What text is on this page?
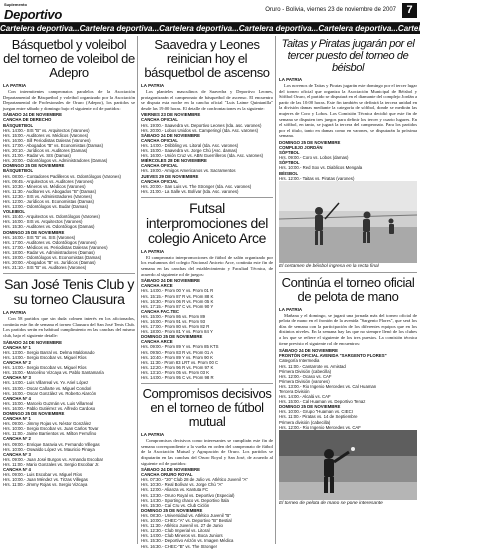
Suplemento
Deportivo	Oruro - Bolivia, viernes 23 de noviembre de 2007 7
Cartelera deportiva...Cartelera deportiva...Cartelera deportiva...Cartelera deportiva...Cartelera deportiva...Cartelera deportiva...
Básquetbol y voleibol del torneo de voleibol de Adepro
LA PATRIA

Con intermitentes campeonatos paralelos de la Asociación Departamental de Básquetbol y voleibol organizado por la Asociación Departamental de Profesionales de Oruro (Adepro), los partidos se juegan entre sábado y domingo bajo el siguiente rol de partidos:

SÁBADO 24 DE NOVIEMBRE
CANCHA DE DERECHO
BÁSQUETBOL
Hrs. 14:00.- SIS "B" vs. Arquitectos (Varones)
Hrs. 15:00.- Auditores vs. Médicos (Varones)
Hrs. 16:00.- Sill Periodistas Daleras (Varones)
Hrs. 17:00.- Abogados "B" vs. Economistas (Damas)
Hrs. 20:10.- Jurídicos vs. Auditores (Damas)
Hrs. 21:00.- Radar vs. SIS (Damas)
Hrs. 20:00.- Odontólogos vs. Administradores (Damas)
DOMINGO 25 DE NOVIEMBRE
BÁSQUETBOL
Hrs. 08:00.- Contadores Padilleros vs. Odontólogos (Varones)
Hrs. 09:45.- Arquitectos vs. Auditores (Varones)
Hrs. 10:30.- Mineros vs. Médicos (Varones)
Hrs. 11:30.- Auditores vs. Abogados "B" (Damas)
Hrs. 12:30.- SIS vs. Administradores (Varones)
Hrs. 12:00.- Jurídicos vs. Economistas (Damas)
Hrs. 13:00.- Odontólogos vs. Budar (Damas)
VOLEIBOL
Hrs. 15:40.- Arquitectos vs. Odontólogos (Varones)
Hrs. 16:00.- SIS vs. Arquitectos (Varones)
Hrs. 15:30.- Auditores vs. Odontólogos (Damas)
DOMINGO 25 DE NOVIEMBRE
Hrs. 16:00.- SIS "B" vs. SIS (Varones)
Hrs. 17:00.- Auditores vs. Odontólogos (Varones)
Hrs. 17:00.- Médicos vs. Periodistas Daleras (Varones)
Hrs. 18:00.- Radar vs. Administradores (Damas)
Hrs. 19:00.- Odontólogos vs. Economistas (Damas)
Hrs. 20:00.- Abogados "B" vs. Jurídicos (Damas)
Hrs. 21:10.- SIS "B" vs. Auditores (Varones)
San José Tenis Club y su torneo Clausura
LA PATRIA

Con 58 partidos que sin duda colmen interés en los aficionados, continúa este fin de semana el torneo Clausura del San José Tenis Club. Los partidos serán en habitual cumplimiento en las canchas del mismo club, bajo el siguiente detalle:

SÁBADO 24 DE NOVIEMBRE
CANCHA Nº 1
Hrs. 13:00.- Sergio Barral vs. Delma Maldonado
Hrs. 14:00.- Sergio Escobar vs. Miguel Ríos
CANCHA Nº 2
Hrs. 14:00.- Sergio Escobar vs. Miguel Ríos
Hrs. 15:00.- Marcelino Vizcaya vs. Pablo Santamaría
CANCHA Nº 3
Hrs. 14:00.- Luis Villarreal vs. Yv. Ariel López
Hrs. 15:00.- Oscar Cañarte vs. Miguel Condori
Hrs. 16:00.- Oscar González vs. Roberto Alarcón
CANCHA Nº 4
Hrs. 15:00.- Marcelo Guzmán vs. Luis Villarreal
Hrs. 16:00.- Pablo Gutiérrez vs. Alfredo Cardoso
DOMINGO 25 DE NOVIEMBRE
CANCHA Nº 1
Hrs. 09:00.- Jimmy Rojas vs. Néstor González
Hrs. 10:00.- Sergio Escobar vs. Juan Carlos Tovar
Hrs. 11:00.- Jaime Barrientos vs. Milton Ferrufino
CANCHA Nº 2
Hrs. 09:00.- Enrique Saravia vs. Fernando Villegas
Hrs. 10:00.- Oswaldo López vs. Mauricio Pinaya
CANCHA Nº 3
Hrs. 09:00.- Juan José Burgos vs. Armando Escobar
Hrs. 11:00.- Mario Gonzales vs. Sergio Escobar Jr.
CANCHA Nº 4
Hrs. 09:00.- Luis Escobar vs. Miguel Ríos
Hrs. 10:00.- Juan Méndez vs. Tirzas Villegas
Hrs. 11:00.- Jimmy Rojas vs. Sergio Vizcaya
Saavedra y Leones reinician hoy el básquetbol de ascenso
LA PATRIA

Los planteles masculinos de Saavedra y Deportivo Leones, protagonizarán el campeonato de básquetbol de ascenso. El encuentro se disputa esta noche en la cancha oficial "Luis Laime Quintanilla" desde las 19:00 horas. El detalle de confrontaciones es la siguiente:

VIERNES 23 DE NOVIEMBRE
CANCHA OFICIAL
Hrs. 19:00.- Saavedra vs. Deportivo Leones (Ida. asc. varones)
Hrs. 20:00.- Lobos Unidos vs. Camperingí (Ida. Asc. varones)
SÁBADO 24 DE NOVIEMBRE
CANCHA OFICIAL
Hrs. 14:00.- Dribbling vs. Litoral (Ida. Asc. varones)
Hrs. 15:00.- Saavedra vs. Jorge Chú (Asc. damas)
Hrs. 16:00.- Unión Cruz vs. ABN Guerrilleros (Ida. Asc. varones)
MIÉRCOLES 28 DE NOVIEMBRE
CANCHA OFICIAL
Hrs. 19:00.- Amigos Americanos vs. Sacramentos
JUEVES 29 DE NOVIEMBRE
CANCHA OFICIAL
Hrs. 20:00.- San Luis vs. The Stronger (Ida. Asc. varones)
Hrs. 21:00.- La Salle vs. Bolívar (Ida. Asc. varones)
Futsal interpromociones del colegio Aniceto Arce
LA PATRIA

El campeonato interpromociones de fútbol de salón organizado por los exalumnos del colegio Nacional Aniceto Arce, continúa este fin de semana en las canchas del establecimiento y Facultad Técnica, de acuerdo al siguiente rol de juegos:

SÁBADO 24 DE NOVIEMBRE
CANCHA ARCE
Hrs. 14:00.- Prom 00 Y vs. Prom 01 R
Hrs. 15:15.- Prom 87 R vs. Prom 88 K
Hrs. 16:30.- Prom 06 R vs. Prom 05 K
Hrs. 17:15.- Prom 87 C vs. Prom 90 Y
CANCHA FAC.TEC
Hrs. 15:00.- Prom 86 vs. Prom 89
Hrs. 16:00.- Prom 91 vs. Prom 93
Hrs. 17:00.- Prom 80 vs. Prom 82 R
Hrs. 18:00.- Prom 81 Y vs. Prom 84 Y
DOMINGO 25 DE NOVIEMBRE
CANCHA ARCE
Hrs. 09:00.- Prom 89 Y vs. Prom 85 KTS
Hrs. 09:50.- Prom 83 R vs. Prom 01 A
Hrs. 10:40.- Prom 89 Y vs. Prom 90 K
Hrs. 11:30.- Prom 83 LRT vs. Prom 00 C
Hrs. 12:20.- Prom 96 R vs. Prom 97 K
Hrs. 13:10.- Prom 05 vs. Prom 03 K
Hrs. 14:00.- Prom 95 C vs. Prom 98 R
Compromisos decisivos en el torneo de fútbol mutual
LA PATRIA

Compromisos decisivos como interesantes se cumplirán este fin de semana correspondiente a la vuelta en orden del campeonato de fútbol de la Asociación Mutual y Agrupación de Oruro. Los partidos se disputarán en las canchas del Oruro Royal y San José, de acuerdo al siguiente rol de partidos:

SÁBADO 24 DE NOVIEMBRE
CANCHA ORURO ROYAL
Hrs. 07:30.- "20" Club 28 de Julio vs. Atlético Juvenil "A"
Hrs. 10:30.- Real Bolívar vs. Jorge Chú "A"
Hrs. 12:00.- Alianza vs. Kantuta FC
Hrs. 13:30.- Oruro Royal vs. Deportivo (Especial)
Hrs. 14:30.- Sporting chaco vs. Deportivo Ítala
Hrs. 15:30.- Caí Cru vs. Club Ciclón
DOMINGO 25 DE NOVIEMBRE
Hrs. 08:30.- Universidad vs. Atlético Juvenil "B"
Hrs. 10:00.- CHEC-"A" vs. Deportivo "B" Bestial
Hrs. 11:30.- Atlético Juvenil vs. 27 de Junio
Hrs. 12:30.- Club Imperial vs. Litoral
Hrs. 14:00.- Club Mineros vs. Boca Juniors
Hrs. 15:30.- Deportivo Arizón vs. Imagen Médica
Hrs. 16:30.- CHEC-"B" vs. The Stronger
Taitas y Piratas jugarán por el tercer puesto del torneo de béisbol
LA PATRIA

Los novenos de Taitas y Piratas jugarán este domingo por el tercer lugar del torneo oficial que organiza la Asociación Municipal de Béisbol y Sóftbol Oruro, el partido se disputará en el diamante del complejo Jordán a partir de las 10:00 horas. Este fin también se definirá la tercera unidad en la división damas mediante la categoría de sóftbol, donde se medirán las mujeres de Coro y Lobos. Los Comisión Técnica decidió que este fin de semana se disputen tres juegos para definir los tercer y cuarto lugares. En el sóftbol, en tanto, se jugará la tercera del campeonato. Para los partidos por el título, tanto en damas como en varones, se disputarán la próxima semana.

DOMINGO 25 DE NOVIEMBRE
COMPLEJO JORDÁN
SÓFTBOL
Hrs. 09:00.- Coro vs. Lobos (damas)
SÓFTBOL
Hrs. 10:00.- Red Sox vs. Diablicos Mengala
BÉISBOL
Hrs. 12:00.- Taitas vs. Piratas (varones)
El certamen de béisbol ingresa en la recta final
Continúa el torneo oficial de pelota de mano
LA PATRIA

Mañana y el domingo, se jugará una jornada más del torneo oficial de pelota de mano en el frontón de la avenida "Sargento Flores", que será los días de semana con la participación de los diferentes equipos que en los distintos niveles. En la semana hay las que no siempre llenó de los clubes a los que se refiere el siguiente de los tres puestos. La comisión técnica tiene previsto el siguiente rol de encuentros:

SÁBADO 24 DE NOVIEMBRE
FRONTÓN OFICIAL AVENIDA "SARGENTO FLORES"
Categoría Intermedia
Hrs. 11:00.- Cantarrote vs. Amistad
Primera División (cabecilla)
Hrs. 12:00.- Ocaso vs. CAF
Primera División (varones)
Hrs. 13:00.- Rio Ingenio Mercedes vs. Cal Huaman
Tercera División
Hrs. 14:00.- Alcalá vs. CAF
Hrs. 15:00.- Cal Huaman vs. Deportivo Tenaz
DOMINGO 25 DE NOVIEMBRE
Hrs. 10:00.- Grupo "Huaman vs. CIECI
Hrs. 11:00.- Piratas vs. 14 de Septiembre
Primera división (cabecilla)
Hrs. 12:00.- Rio Ingenio Mercedes vs. CAF
El torneo de pelota de mano se pone interesante
